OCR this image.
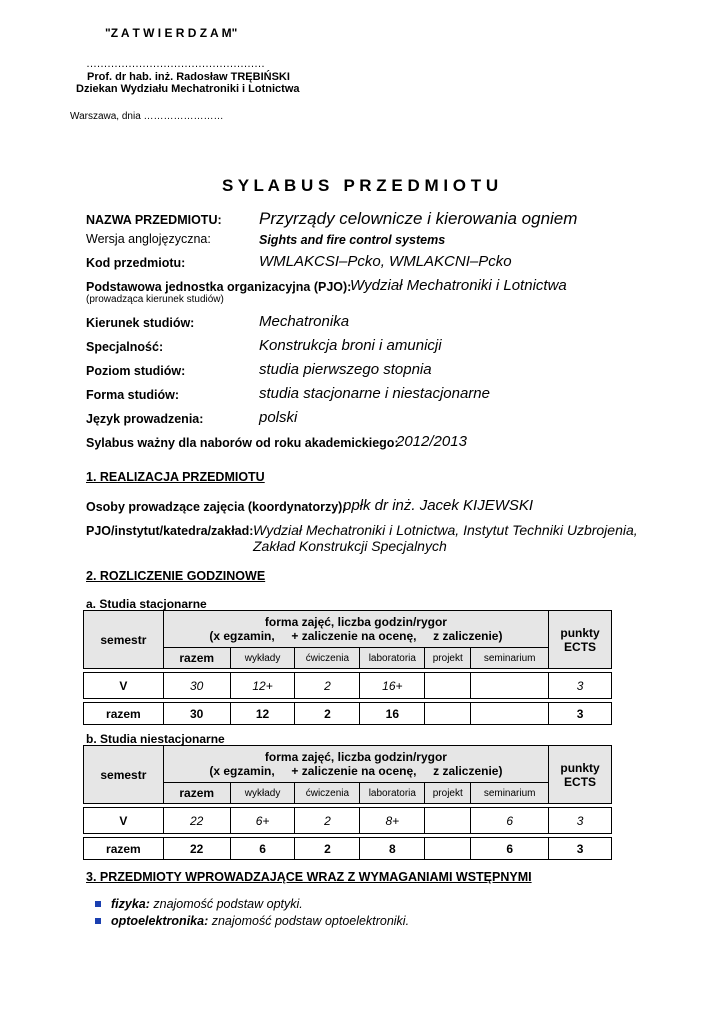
"Z A T W I E R D Z A M"
……………………………………………
Prof. dr hab. inż. Radosław TRĘBIŃSKI
Dziekan Wydziału Mechatroniki i Lotnictwa
Warszawa, dnia ……………………
S Y L A B U S   P R Z E D M I O T U
NAZWA PRZEDMIOTU: Przyrządy celownicze i kierowania ogniem
Wersja anglojęzyczna:	Sights and fire control systems
Kod przedmiotu:	WMLAKCSI–Pcko, WMLAKCNI–Pcko
Podstawowa jednostka organizacyjna (PJO):
Wydział Mechatroniki i Lotnictwa
(prowadząca kierunek studiów)
Kierunek studiów:	Mechatronika
Specjalność:	Konstrukcja broni i amunicji
Poziom studiów:	studia pierwszego stopnia
Forma studiów:	studia stacjonarne i niestacjonarne
Język prowadzenia:	polski
Sylabus ważny dla naborów od roku akademickiego:
2012/2013
1. REALIZACJA PRZEDMIOTU
Osoby prowadzące zajęcia (koordynatorzy):
ppłk dr inż. Jacek KIJEWSKI
PJO/instytut/katedra/zakład: Wydział Mechatroniki i Lotnictwa, Instytut Techniki Uzbrojenia,
Zakład Konstrukcji Specjalnych
2. ROZLICZENIE GODZINOWE
a. Studia stacjonarne
semestr	forma zajęć, liczba godzin/rygor
(x egzamin,     + zaliczenie na ocenę,     z zaliczenie)						punkty ECTS
	razem	wykłady	ćwiczenia	laboratoria	projekt	seminarium	

V	30	12+	2	16+			3

razem	30	12	2	16			3
b. Studia niestacjonarne
semestr	forma zajęć, liczba godzin/rygor
(x egzamin,     + zaliczenie na ocenę,     z zaliczenie)						punkty ECTS
	razem	wykłady	ćwiczenia	laboratoria	projekt	seminarium	

V	22	6+	2	8+		6	3

razem	22	6	2	8		6	3
3. PRZEDMIOTY WPROWADZAJĄCE WRAZ Z WYMAGANIAMI WSTĘPNYMI
fizyka: znajomość podstaw optyki.
optoelektronika: znajomość podstaw optoelektroniki.
